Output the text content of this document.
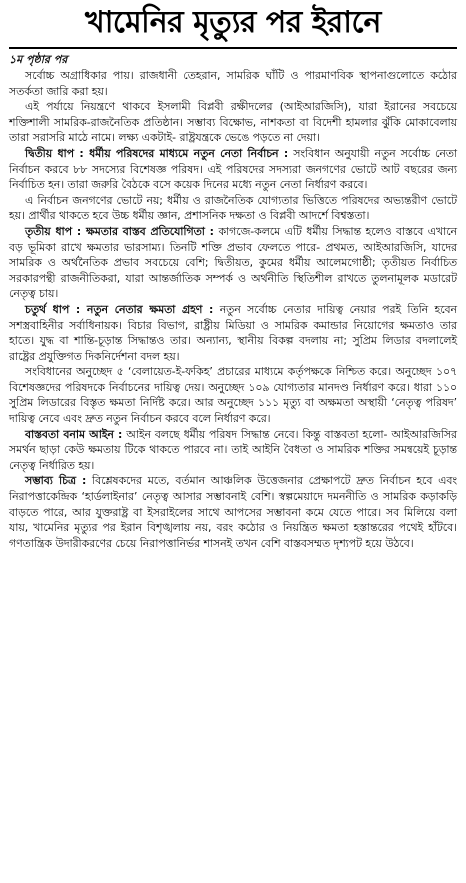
খামেনির মৃত্যুর পর ইরানে
১ম পৃষ্ঠার পর

সর্বোচ্চ অগ্রাধিকার পায়। রাজধানী তেহরান, সামরিক ঘাঁটি ও পারমাণবিক স্থাপনাগুলোতে কঠোর সতর্কতা জারি করা হয়।

এই পর্যায়ে নিয়ন্ত্রণে থাকবে ইসলামী বিপ্লবী রক্ষীদলের (আইআরজিসি), যারা ইরানের সবচেয়ে শক্তিশালী সামরিক-রাজনৈতিক প্রতিষ্ঠান। সম্ভাব্য বিক্ষোভ, নাশকতা বা বিদেশী হামলার ঝুঁকি মোকাবেলায় তারা সরাসরি মাঠে নামে। লক্ষ্য একটাই- রাষ্ট্রযন্ত্রকে ভেঙে পড়তে না দেয়া।

দ্বিতীয় ধাপ : ধর্মীয় পরিষদের মাধ্যমে নতুন নেতা নির্বাচন : সংবিধান অনুযায়ী নতুন সর্বোচ্চ নেতা নির্বাচন করবে ৮৮ সদস্যের বিশেষজ্ঞ পরিষদ। এই পরিষদের সদস্যরা জনগণের ভোটে আট বছরের জন্য নির্বাচিত হন। তারা জরুরি বৈঠকে বসে কয়েক দিনের মধ্যে নতুন নেতা নির্ধারণ করবে।

এ নির্বাচন জনগণের ভোটে নয়; ধর্মীয় ও রাজনৈতিক যোগ্যতার ভিত্তিতে পরিষদের অভ্যন্তরীণ ভোটে হয়। প্রার্থীর থাকতে হবে উচ্চ ধর্মীয় জ্ঞান, প্রশাসনিক দক্ষতা ও বিপ্লবী আদর্শে বিশ্বস্ততা।

তৃতীয় ধাপ : ক্ষমতার বাস্তব প্রতিযোগিতা : কাগজে-কলমে এটি ধর্মীয় সিদ্ধান্ত হলেও বাস্তবে এখানে বড় ভূমিকা রাখে ক্ষমতার ভারসাম্য। তিনটি শক্তি প্রভাব ফেলতে পারে- প্রথমত, আইআরজিসি, যাদের সামরিক ও অর্থনৈতিক প্রভাব সবচেয়ে বেশি; দ্বিতীয়ত, কুমের ধর্মীয় আলেমগোষ্ঠী; তৃতীয়ত নির্বাচিত সরকারপন্থী রাজনীতিকরা, যারা আন্তর্জাতিক সম্পর্ক ও অর্থনীতি স্থিতিশীল রাখতে তুলনামূলক মডারেট নেতৃত্ব চায়।

চতুর্থ ধাপ : নতুন নেতার ক্ষমতা গ্রহণ : নতুন সর্বোচ্চ নেতার দায়িত্ব নেয়ার পরই তিনি হবেন সশস্ত্রবাহিনীর সর্বাধিনায়ক। বিচার বিভাগ, রাষ্ট্রীয় মিডিয়া ও সামরিক কমান্ডার নিয়োগের ক্ষমতাও তার হাতে। যুদ্ধ বা শান্তি-চূড়ান্ত সিদ্ধান্তও তার। অন্যান্য, স্থানীয় বিকল্প বদলায় না; সুপ্রিম লিডার বদলালেই রাষ্ট্রের প্রযুক্তিগত দিকনির্দেশনা বদল হয়।

সংবিধানের অনুচ্ছেদ ৫ ‘বেলায়েত-ই-ফকিহ’ প্রচারের মাধ্যমে কর্তৃপক্ষকে নিশ্চিত করে। অনুচ্ছেদ ১০৭ বিশেষজ্ঞদের পরিষদকে নির্বাচনের দায়িত্ব দেয়। অনুচ্ছেদ ১০৯ যোগ্যতার মানদণ্ড নির্ধারণ করে। ধারা ১১০ সুপ্রিম লিডারের বিস্তৃত ক্ষমতা নির্দিষ্ট করে। আর অনুচ্ছেদ ১১১ মৃত্যু বা অক্ষমতা অস্থায়ী ‘নেতৃত্ব পরিষদ’ দায়িত্ব নেবে এবং দ্রুত নতুন নির্বাচন করবে বলে নির্ধারণ করে।

বাস্তবতা বনাম আইন : আইন বলছে ধর্মীয় পরিষদ সিদ্ধান্ত নেবে। কিন্তু বাস্তবতা হলো- আইআরজিসির সমর্থন ছাড়া কেউ ক্ষমতায় টিকে থাকতে পারবে না। তাই আইনি বৈধতা ও সামরিক শক্তির সমন্বয়েই চূড়ান্ত নেতৃত্ব নির্ধারিত হয়।

সম্ভাব্য চিত্র : বিশ্লেষকদের মতে, বর্তমান আঞ্চলিক উত্তেজনার প্রেক্ষাপটে দ্রুত নির্বাচন হবে এবং নিরাপত্তাকেন্দ্রিক ‘হার্ডলাইনার’ নেতৃত্ব আসার সম্ভাবনাই বেশি। স্বল্পমেয়াদে দমননীতি ও সামরিক কড়াকড়ি বাড়তে পারে, আর যুক্তরাষ্ট্র বা ইসরাইলের সাথে আপসের সম্ভাবনা কমে যেতে পারে। সব মিলিয়ে বলা যায়, খামেনির মৃত্যুর পর ইরান বিশৃঙ্খলায় নয়, বরং কঠোর ও নিয়ন্ত্রিত ক্ষমতা হস্তান্তরের পথেই হাঁটবে। গণতান্ত্রিক উদারীকরণের চেয়ে নিরাপত্তানির্ভর শাসনই তখন বেশি বাস্তবসম্মত দৃশ্যপট হয়ে উঠবে।
